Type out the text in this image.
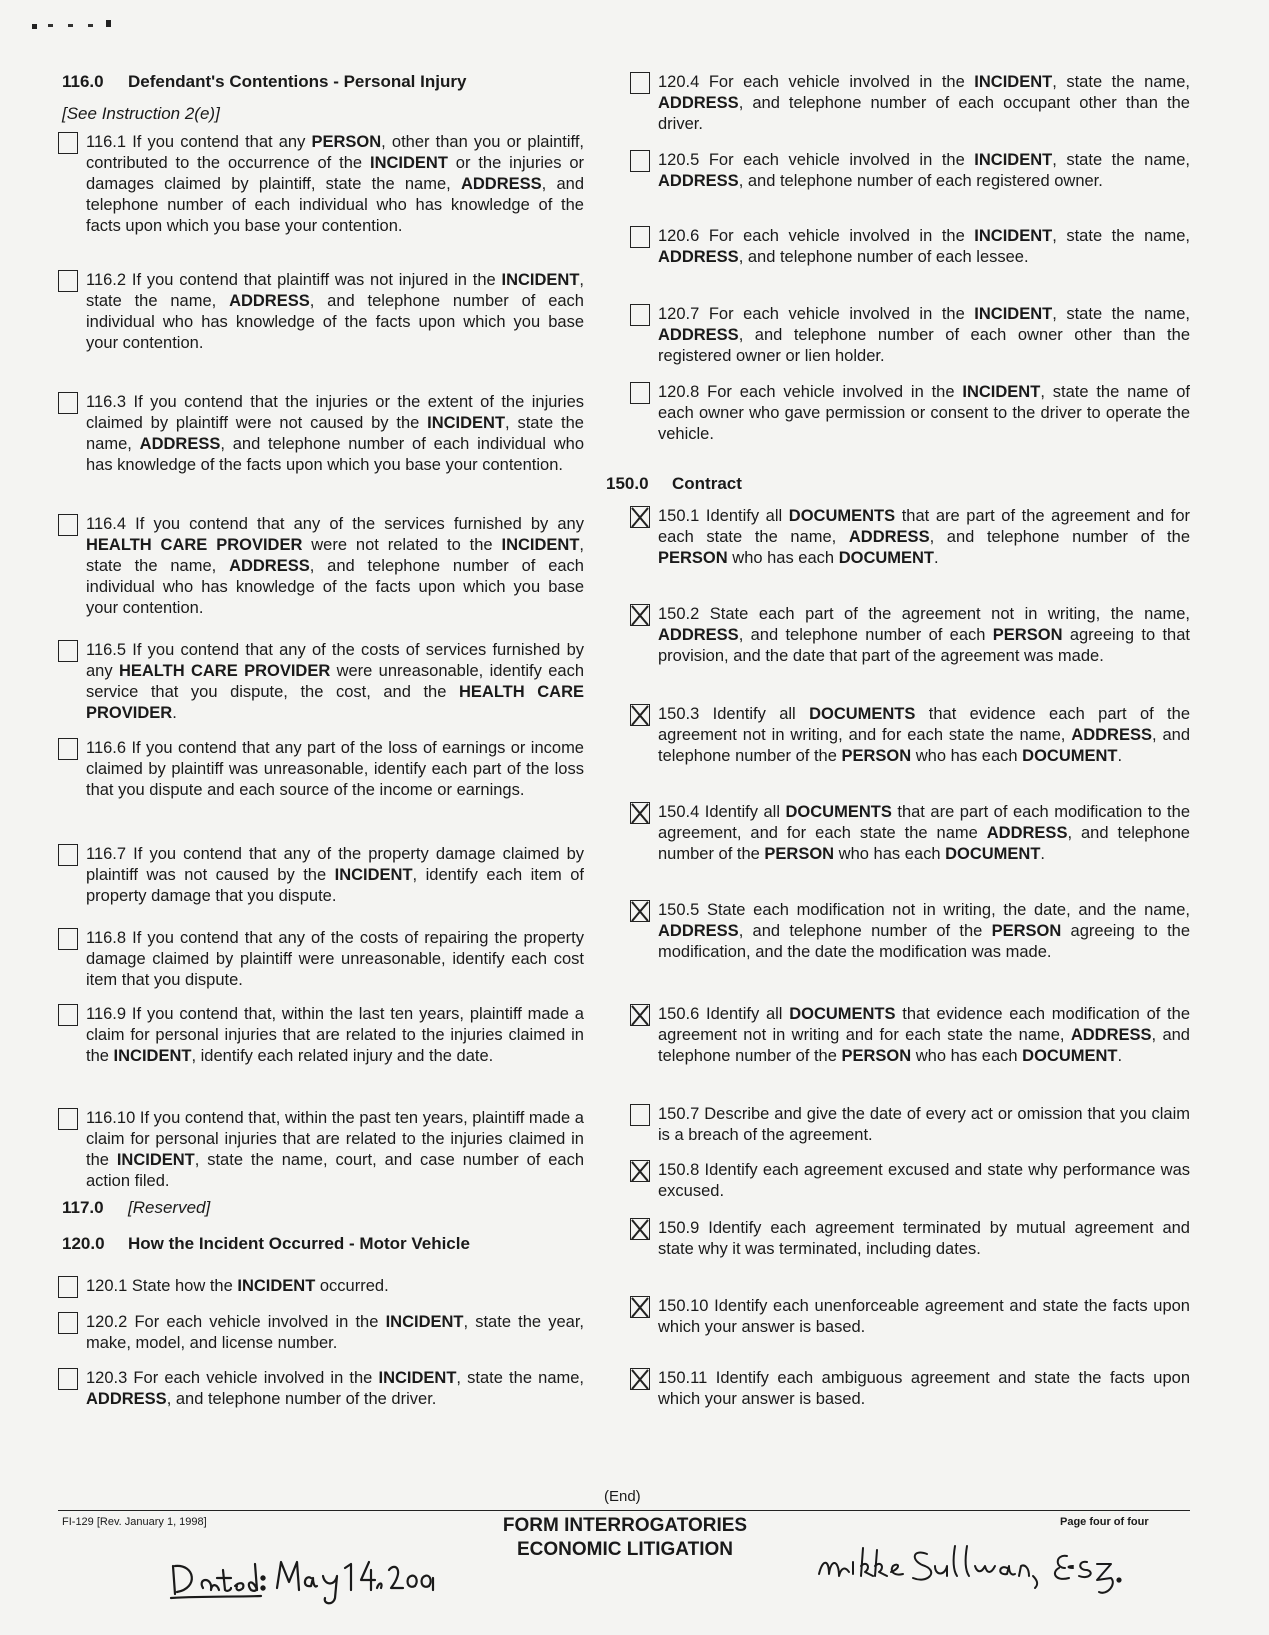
116.0 Defendant's Contentions - Personal Injury
[See Instruction 2(e)]
116.1 If you contend that any PERSON, other than you or plaintiff, contributed to the occurrence of the INCIDENT or the injuries or damages claimed by plaintiff, state the name, ADDRESS, and telephone number of each individual who has knowledge of the facts upon which you base your contention.
116.2 If you contend that plaintiff was not injured in the INCIDENT, state the name, ADDRESS, and telephone number of each individual who has knowledge of the facts upon which you base your contention.
116.3 If you contend that the injuries or the extent of the injuries claimed by plaintiff were not caused by the INCIDENT, state the name, ADDRESS, and telephone number of each individual who has knowledge of the facts upon which you base your contention.
116.4 If you contend that any of the services furnished by any HEALTH CARE PROVIDER were not related to the INCIDENT, state the name, ADDRESS, and telephone number of each individual who has knowledge of the facts upon which you base your contention.
116.5 If you contend that any of the costs of services furnished by any HEALTH CARE PROVIDER were unreasonable, identify each service that you dispute, the cost, and the HEALTH CARE PROVIDER.
116.6 If you contend that any part of the loss of earnings or income claimed by plaintiff was unreasonable, identify each part of the loss that you dispute and each source of the income or earnings.
116.7 If you contend that any of the property damage claimed by plaintiff was not caused by the INCIDENT, identify each item of property damage that you dispute.
116.8 If you contend that any of the costs of repairing the property damage claimed by plaintiff were unreasonable, identify each cost item that you dispute.
116.9 If you contend that, within the last ten years, plaintiff made a claim for personal injuries that are related to the injuries claimed in the INCIDENT, identify each related injury and the date.
116.10 If you contend that, within the past ten years, plaintiff made a claim for personal injuries that are related to the injuries claimed in the INCIDENT, state the name, court, and case number of each action filed.
117.0 [Reserved]
120.0 How the Incident Occurred - Motor Vehicle
120.1 State how the INCIDENT occurred.
120.2 For each vehicle involved in the INCIDENT, state the year, make, model, and license number.
120.3 For each vehicle involved in the INCIDENT, state the name, ADDRESS, and telephone number of the driver.
120.4 For each vehicle involved in the INCIDENT, state the name, ADDRESS, and telephone number of each occupant other than the driver.
120.5 For each vehicle involved in the INCIDENT, state the name, ADDRESS, and telephone number of each registered owner.
120.6 For each vehicle involved in the INCIDENT, state the name, ADDRESS, and telephone number of each lessee.
120.7 For each vehicle involved in the INCIDENT, state the name, ADDRESS, and telephone number of each owner other than the registered owner or lien holder.
120.8 For each vehicle involved in the INCIDENT, state the name of each owner who gave permission or consent to the driver to operate the vehicle.
150.0 Contract
150.1 Identify all DOCUMENTS that are part of the agreement and for each state the name, ADDRESS, and telephone number of the PERSON who has each DOCUMENT.
150.2 State each part of the agreement not in writing, the name, ADDRESS, and telephone number of each PERSON agreeing to that provision, and the date that part of the agreement was made.
150.3 Identify all DOCUMENTS that evidence each part of the agreement not in writing, and for each state the name, ADDRESS, and telephone number of the PERSON who has each DOCUMENT.
150.4 Identify all DOCUMENTS that are part of each modification to the agreement, and for each state the name ADDRESS, and telephone number of the PERSON who has each DOCUMENT.
150.5 State each modification not in writing, the date, and the name, ADDRESS, and telephone number of the PERSON agreeing to the modification, and the date the modification was made.
150.6 Identify all DOCUMENTS that evidence each modification of the agreement not in writing and for each state the name, ADDRESS, and telephone number of the PERSON who has each DOCUMENT.
150.7 Describe and give the date of every act or omission that you claim is a breach of the agreement.
150.8 Identify each agreement excused and state why performance was excused.
150.9 Identify each agreement terminated by mutual agreement and state why it was terminated, including dates.
150.10 Identify each unenforceable agreement and state the facts upon which your answer is based.
150.11 Identify each ambiguous agreement and state the facts upon which your answer is based.
(End)
FI-129 [Rev. January 1, 1998]	FORM INTERROGATORIES
ECONOMIC LITIGATION
Page four of four
